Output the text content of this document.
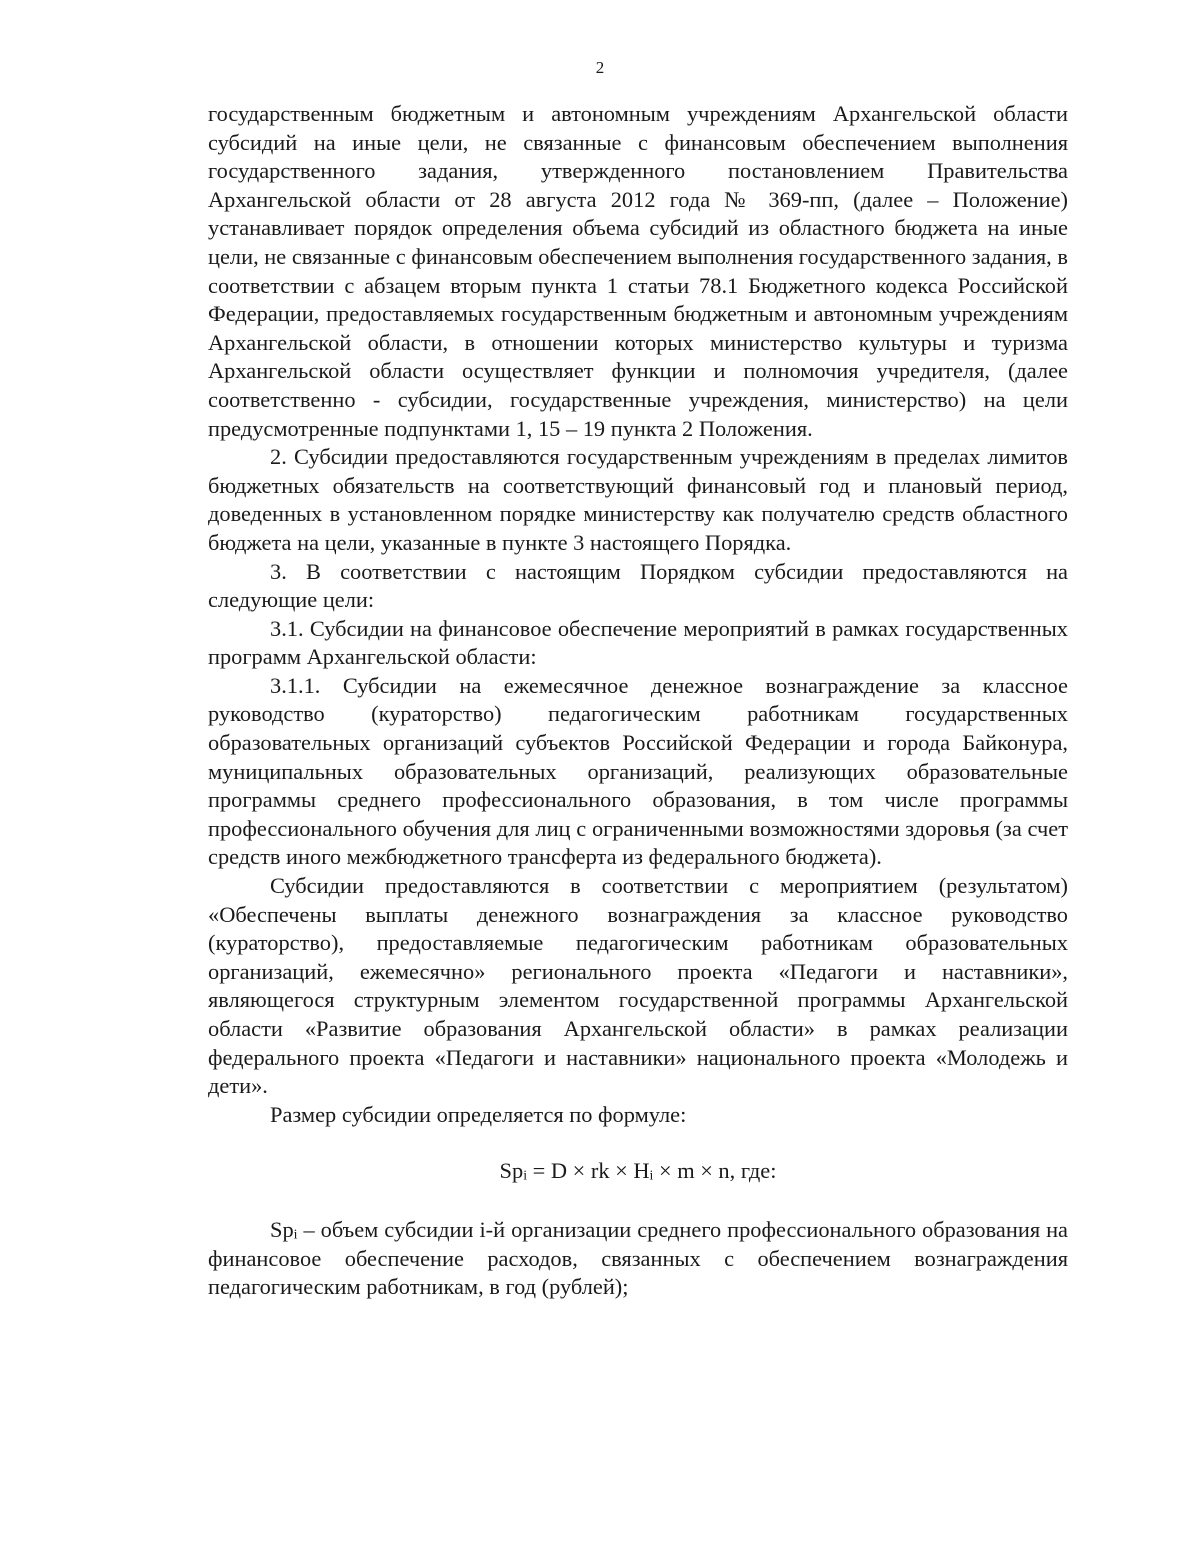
2

государственным бюджетным и автономным учреждениям Архангельской области субсидий на иные цели, не связанные с финансовым обеспечением выполнения государственного задания, утвержденного постановлением Правительства Архангельской области от 28 августа 2012 года № 369-пп, (далее – Положение) устанавливает порядок определения объема субсидий из областного бюджета на иные цели, не связанные с финансовым обеспечением выполнения государственного задания, в соответствии с абзацем вторым пункта 1 статьи 78.1 Бюджетного кодекса Российской Федерации, предоставляемых государственным бюджетным и автономным учреждениям Архангельской области, в отношении которых министерство культуры и туризма Архангельской области осуществляет функции и полномочия учредителя, (далее соответственно - субсидии, государственные учреждения, министерство) на цели предусмотренные подпунктами 1, 15 – 19 пункта 2 Положения.

2. Субсидии предоставляются государственным учреждениям в пределах лимитов бюджетных обязательств на соответствующий финансовый год и плановый период, доведенных в установленном порядке министерству как получателю средств областного бюджета на цели, указанные в пункте 3 настоящего Порядка.

3. В соответствии с настоящим Порядком субсидии предоставляются на следующие цели:

3.1. Субсидии на финансовое обеспечение мероприятий в рамках государственных программ Архангельской области:

3.1.1. Субсидии на ежемесячное денежное вознаграждение за классное руководство (кураторство) педагогическим работникам государственных образовательных организаций субъектов Российской Федерации и города Байконура, муниципальных образовательных организаций, реализующих образовательные программы среднего профессионального образования, в том числе программы профессионального обучения для лиц с ограниченными возможностями здоровья (за счет средств иного межбюджетного трансферта из федерального бюджета).

Субсидии предоставляются в соответствии с мероприятием (результатом) «Обеспечены выплаты денежного вознаграждения за классное руководство (кураторство), предоставляемые педагогическим работникам образовательных организаций, ежемесячно» регионального проекта «Педагоги и наставники», являющегося структурным элементом государственной программы Архангельской области «Развитие образования Архангельской области» в рамках реализации федерального проекта «Педагоги и наставники» национального проекта «Молодежь и дети».

Размер субсидии определяется по формуле:

$Sp_i = D$ × rk × $H_i \times m \times n$, где:

$Sp_i$ – объем субсидии i-й организации среднего профессионального образования на финансовое обеспечение расходов, связанных с обеспечением вознаграждения педагогическим работникам, в год (рублей);
